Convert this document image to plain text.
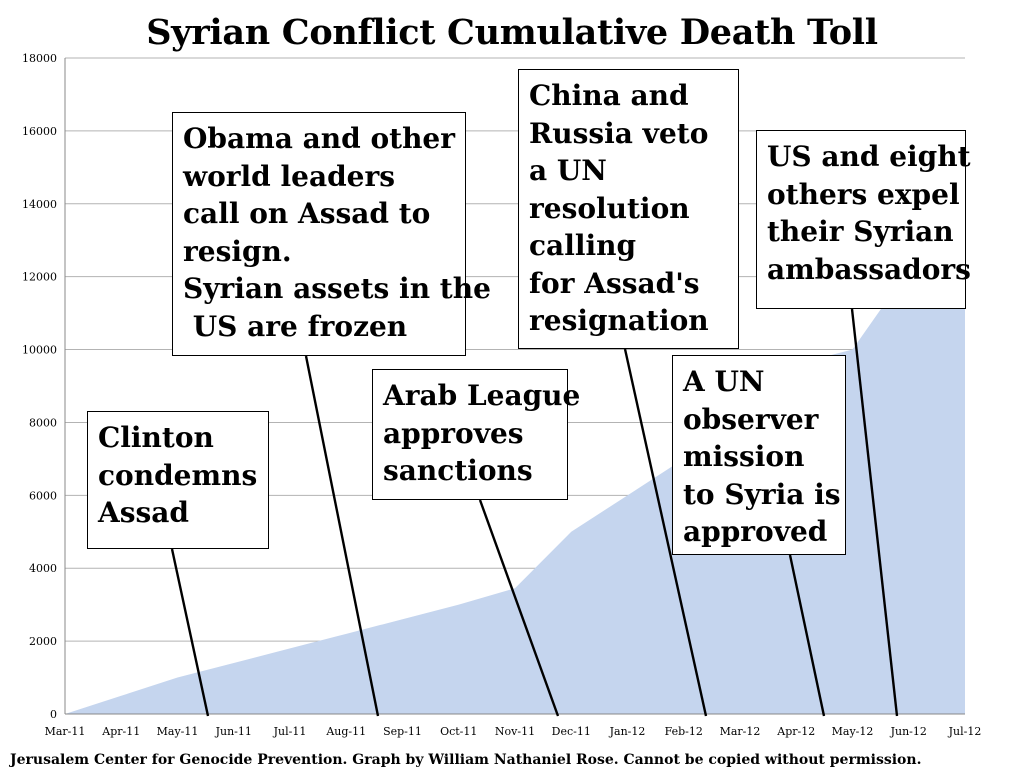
0
2000
4000
6000
8000
10000
12000
14000
16000
18000
Mar-11 Apr-11 May-11 Jun-11 Jul-11 Aug-11 Sep-11 Oct-11 Nov-11 Dec-11 Jan-12 Feb-12 Mar-12 Apr-12 May-12 Jun-12 Jul-12
Syrian Conflict Cumulative Death Toll
Clinton
condemns
Assad
Obama and other
world leaders
call on Assad to
resign.
Syrian assets in the
US are frozen
Arab League
approves
sanctions
China and
Russia veto
a UN
resolution
calling
for Assad's
resignation
A UN
observer
mission
to Syria is
approved
US and eight
others expel
their Syrian
ambassadors

Jerusalem Center for Genocide Prevention. Graph by William Nathaniel Rose. Cannot be copied without permission.
